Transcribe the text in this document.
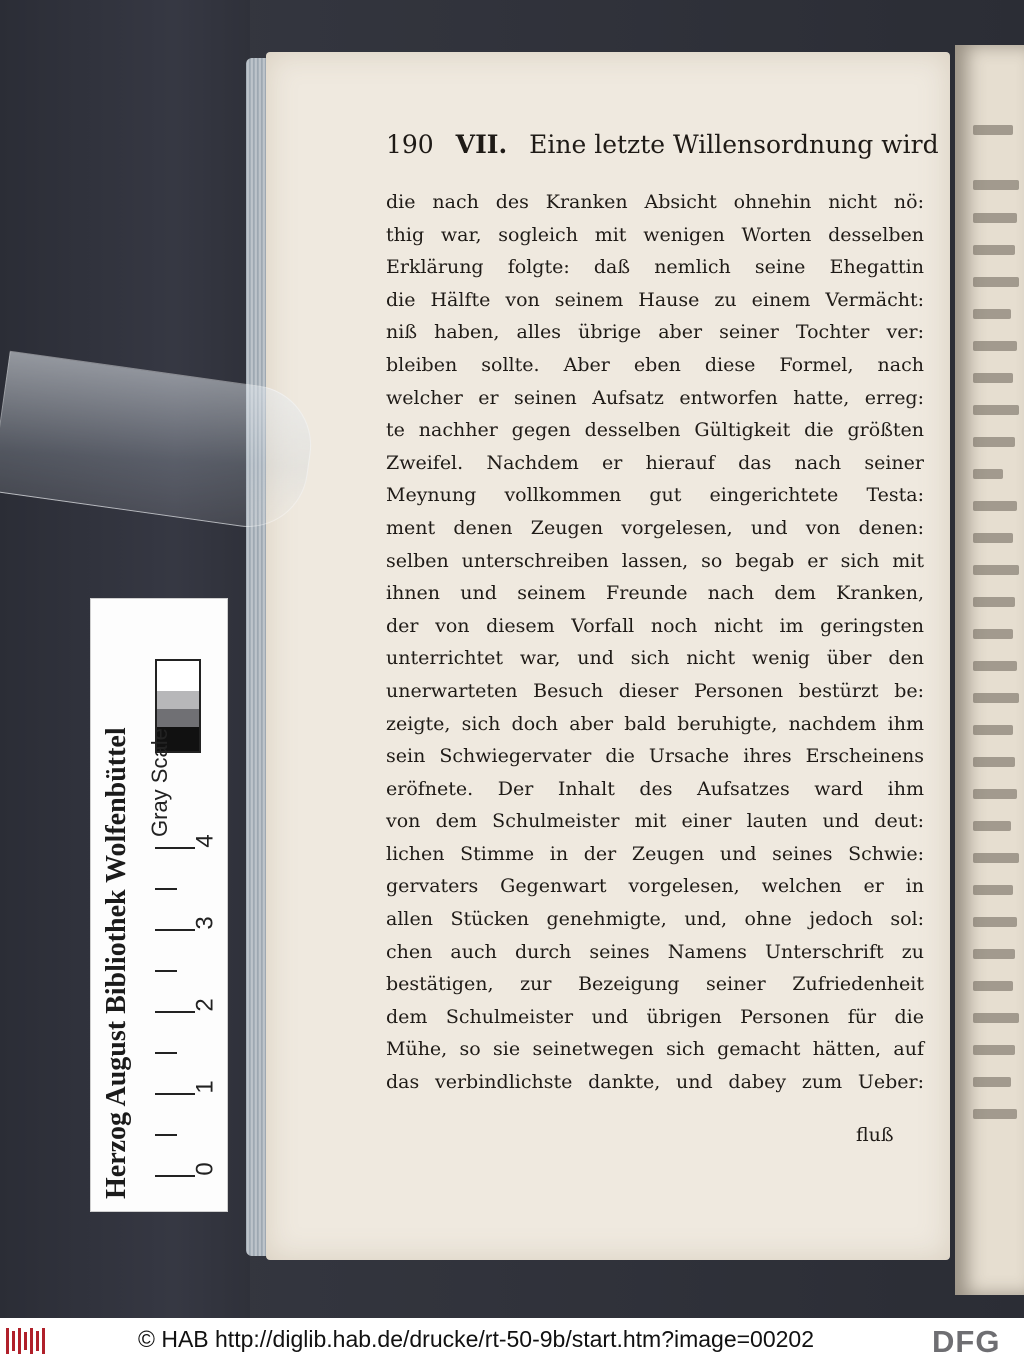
190 VII. Eine letzte Willensordnung wird
die nach des Kranken Absicht ohnehin nicht nö:
thig war, sogleich mit wenigen Worten desselben
Erklärung folgte: daß nemlich seine Ehegattin
die Hälfte von seinem Hause zu einem Vermächt:
niß haben, alles übrige aber seiner Tochter ver:
bleiben sollte. Aber eben diese Formel, nach
welcher er seinen Aufsatz entworfen hatte, erreg:
te nachher gegen desselben Gültigkeit die größten
Zweifel. Nachdem er hierauf das nach seiner
Meynung vollkommen gut eingerichtete Testa:
ment denen Zeugen vorgelesen, und von denen:
selben unterschreiben lassen, so begab er sich mit
ihnen und seinem Freunde nach dem Kranken,
der von diesem Vorfall noch nicht im geringsten
unterrichtet war, und sich nicht wenig über den
unerwarteten Besuch dieser Personen bestürzt be:
zeigte, sich doch aber bald beruhigte, nachdem ihm
sein Schwiegervater die Ursache ihres Erscheinens
eröfnete. Der Inhalt des Aufsatzes ward ihm
von dem Schulmeister mit einer lauten und deut:
lichen Stimme in der Zeugen und seines Schwie:
gervaters Gegenwart vorgelesen, welchen er in
allen Stücken genehmigte, und, ohne jedoch sol:
chen auch durch seines Namens Unterschrift zu
bestätigen, zur Bezeigung seiner Zufriedenheit
dem Schulmeister und übrigen Personen für die
Mühe, so sie seinetwegen sich gemacht hätten, auf
das verbindlichste dankte, und dabey zum Ueber:
fluß
Gray Scale
0
1
2
3
4
Herzog August Bibliothek Wolfenbüttel
© HAB http://diglib.hab.de/drucke/rt-50-9b/start.htm?image=00202	DFG
